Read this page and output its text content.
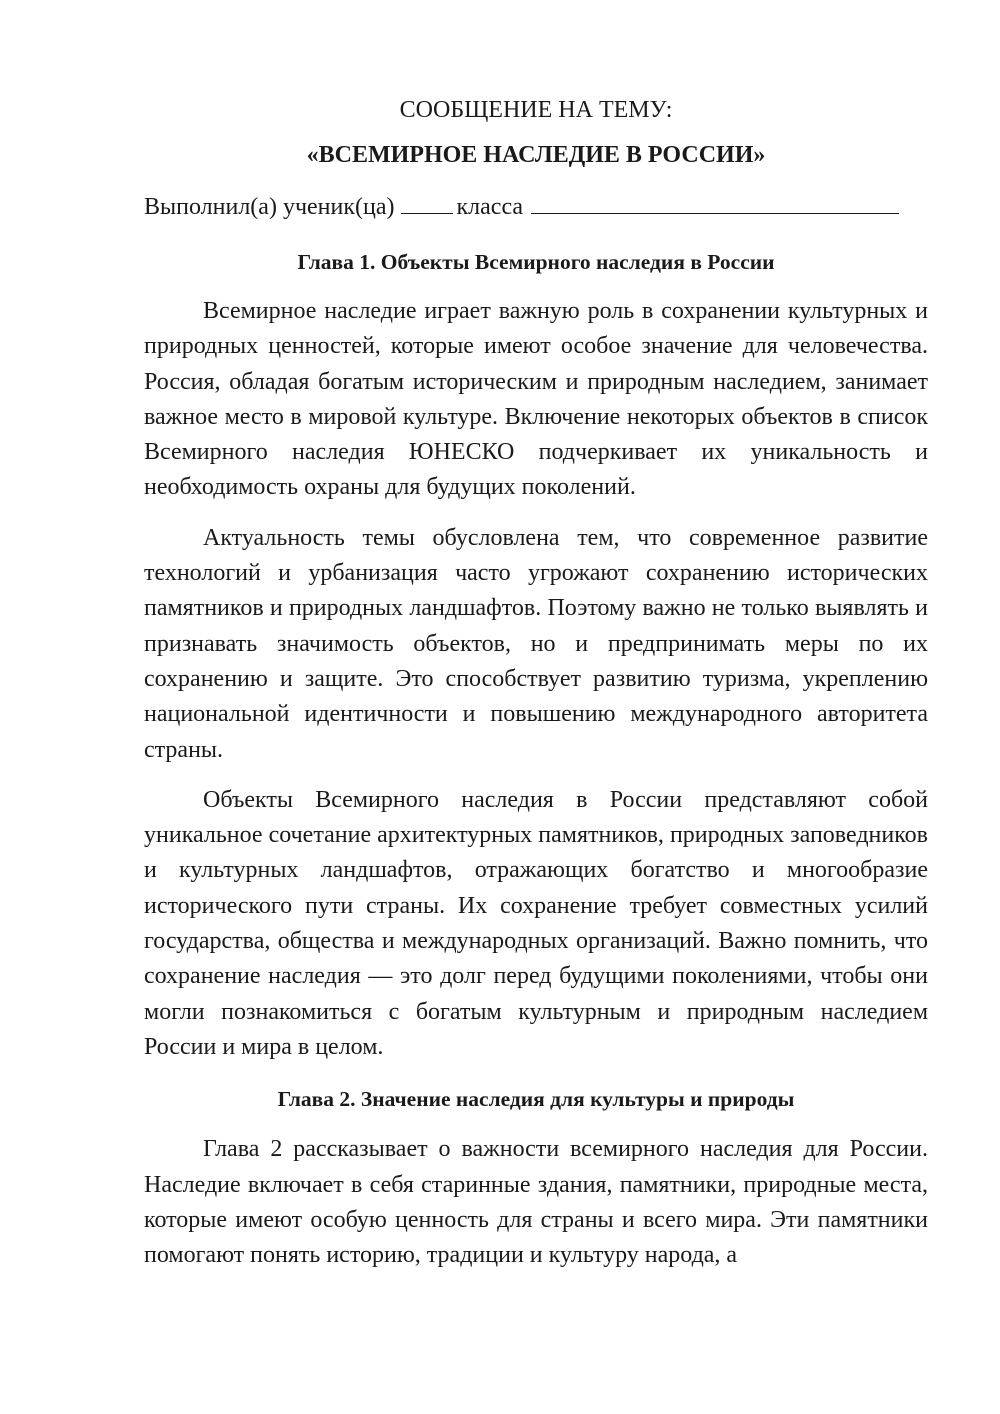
СООБЩЕНИЕ НА ТЕМУ:

«ВСЕМИРНОЕ НАСЛЕДИЕ В РОССИИ»

Выполнил(а) ученик(ца)	класса
Глава 1. Объекты Всемирного наследия в России

Всемирное наследие играет важную роль в сохранении культурных и природных ценностей, которые имеют особое значение для человечества. Россия, обладая богатым историческим и природным наследием, занимает важное место в мировой культуре. Включение некоторых объектов в список Всемирного наследия ЮНЕСКО подчеркивает их уникальность и необходимость охраны для будущих поколений.

Актуальность темы обусловлена тем, что современное развитие технологий и урбанизация часто угрожают сохранению исторических памятников и природных ландшафтов. Поэтому важно не только выявлять и признавать значимость объектов, но и предпринимать меры по их сохранению и защите. Это способствует развитию туризма, укреплению национальной идентичности и повышению международного авторитета страны.

Объекты Всемирного наследия в России представляют собой уникальное сочетание архитектурных памятников, природных заповедников и культурных ландшафтов, отражающих богатство и многообразие исторического пути страны. Их сохранение требует совместных усилий государства, общества и международных организаций. Важно помнить, что сохранение наследия — это долг перед будущими поколениями, чтобы они могли познакомиться с богатым культурным и природным наследием России и мира в целом.

Глава 2. Значение наследия для культуры и природы

Глава 2 рассказывает о важности всемирного наследия для России. Наследие включает в себя старинные здания, памятники, природные места, которые имеют особую ценность для страны и всего мира. Эти памятники помогают понять историю, традиции и культуру народа, а
